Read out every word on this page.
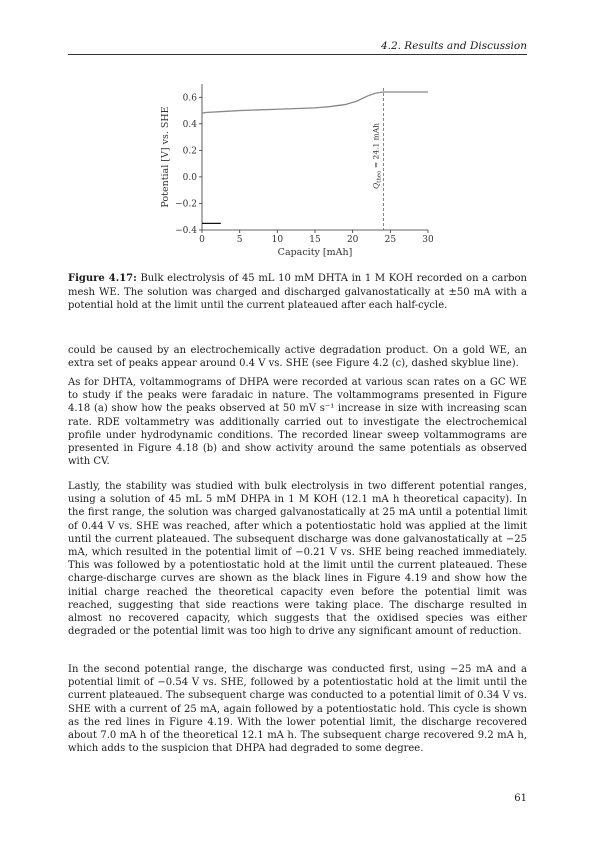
4.2. Results and Discussion
0	5	10	15	20	25	30
−0.4
−0.2
0.0
0.2
0.4
0.6
Capacity [mAh]
Potential [V] vs. SHE	$Q_{theo} = 24.1$ mAh

Figure 4.17: Bulk electrolysis of 45 mL 10 mM DHTA in 1 M KOH recorded on a carbon mesh WE. The solution was charged and discharged galvanostatically at ±50 mA with a potential hold at the limit until the current plateaued after each half-cycle.

could be caused by an electrochemically active degradation product. On a gold WE, an extra set of peaks appear around 0.4 V vs. SHE (see Figure 4.2 (c), dashed skyblue line).

As for DHTA, voltammograms of DHPA were recorded at various scan rates on a GC WE to study if the peaks were faradaic in nature. The voltammograms presented in Figure 4.18 (a) show how the peaks observed at 50 mV s⁻¹ increase in size with increasing scan rate. RDE voltammetry was additionally carried out to investigate the electrochemical profile under hydrodynamic conditions. The recorded linear sweep voltammograms are presented in Figure 4.18 (b) and show activity around the same potentials as observed with CV.

Lastly, the stability was studied with bulk electrolysis in two different potential ranges, using a solution of 45 mL 5 mM DHPA in 1 M KOH (12.1 mA h theoretical capacity). In the first range, the solution was charged galvanostatically at 25 mA until a potential limit of 0.44 V vs. SHE was reached, after which a potentiostatic hold was applied at the limit until the current plateaued. The subsequent discharge was done galvanostatically at −25 mA, which resulted in the potential limit of −0.21 V vs. SHE being reached immediately. This was followed by a potentiostatic hold at the limit until the current plateaued. These charge-discharge curves are shown as the black lines in Figure 4.19 and show how the initial charge reached the theoretical capacity even before the potential limit was reached, suggesting that side reactions were taking place. The discharge resulted in almost no recovered capacity, which suggests that the oxidised species was either degraded or the potential limit was too high to drive any significant amount of reduction.

In the second potential range, the discharge was conducted first, using −25 mA and a potential limit of −0.54 V vs. SHE, followed by a potentiostatic hold at the limit until the current plateaued. The subsequent charge was conducted to a potential limit of 0.34 V vs. SHE with a current of 25 mA, again followed by a potentiostatic hold. This cycle is shown as the red lines in Figure 4.19. With the lower potential limit, the discharge recovered about 7.0 mA h of the theoretical 12.1 mA h. The subsequent charge recovered 9.2 mA h, which adds to the suspicion that DHPA had degraded to some degree.

61
